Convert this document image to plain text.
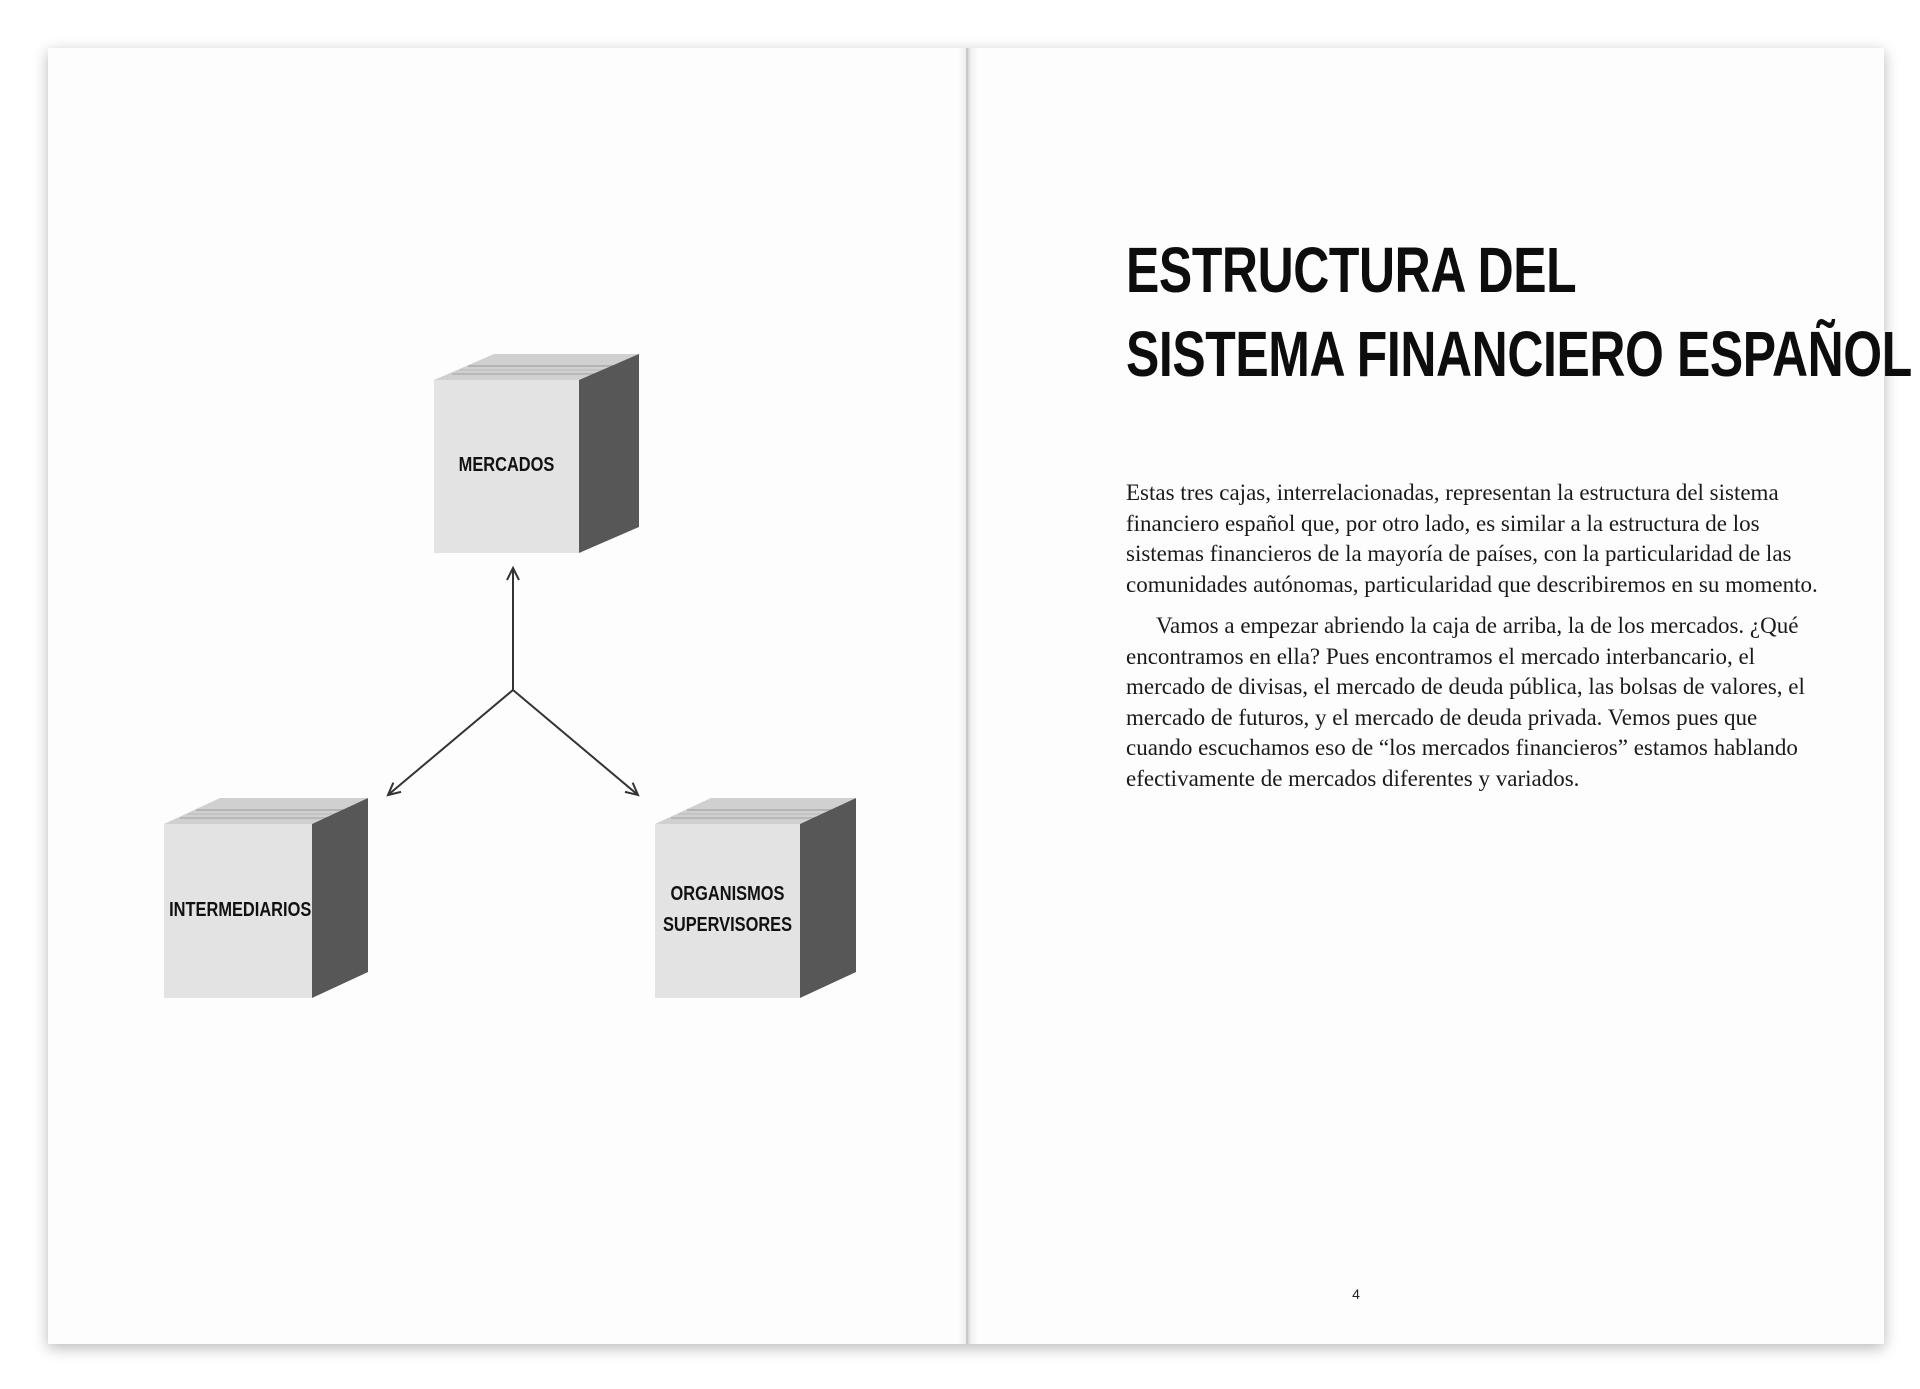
MERCADOS
INTERMEDIARIOS
ORGANISMOS
SUPERVISORES
ESTRUCTURA DEL
SISTEMA FINANCIERO ESPAÑOL

Estas tres cajas, interrelacionadas, representan la estructura del sistema financiero español que, por otro lado, es similar a la estructura de los sistemas financieros de la mayoría de países, con la particularidad de las comunidades autónomas, particularidad que describiremos en su momento.

Vamos a empezar abriendo la caja de arriba, la de los mercados. ¿Qué encontramos en ella? Pues encontramos el mercado interbancario, el mercado de divisas, el mercado de deuda pública, las bolsas de valores, el mercado de futuros, y el mercado de deuda privada. Vemos pues que cuando escuchamos eso de “los mercados financieros” estamos hablando efectivamente de mercados diferentes y variados.

4
